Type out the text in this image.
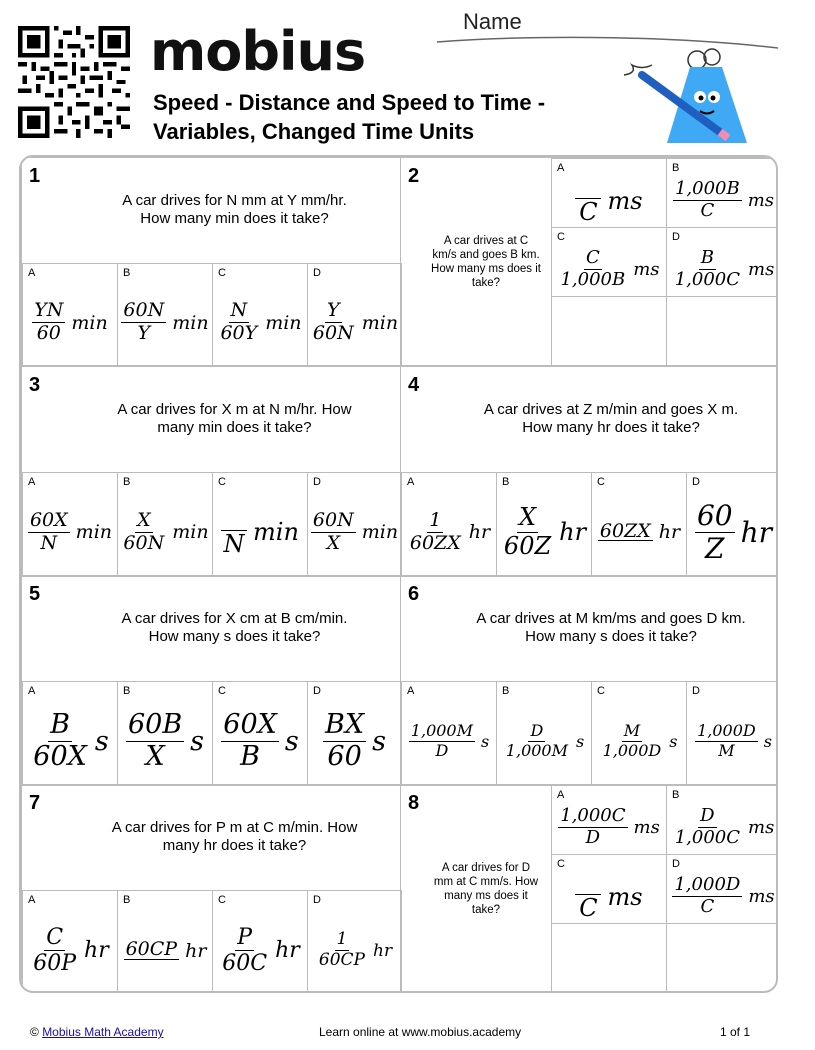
mobius
Speed - Distance and Speed to Time -
Variables, Changed Time Units
Name
1
A car drives for N mm at Y mm/hr. How many min does it take?
A
$\frac{YN}{60}$ min
B
$\frac{60N}{Y}$ min
C
$\frac{N}{60Y}$ min
D
$\frac{Y}{60N}$ min
2
A car drives at C km/s and goes B km. How many ms does it take?
A
C ms
B
$\frac{1,000B}{C}$ ms
C
$\frac{C}{1,000B}$ ms
D
$\frac{B}{1,000C}$ ms
3
A car drives for X m at N m/hr. How many min does it take?
A
$\frac{60X}{N}$ min
B
$\frac{X}{60N}$ min
C
N min
D
$\frac{60N}{X}$ min
4
A car drives at Z m/min and goes X m. How many hr does it take?
A
$\frac{1}{60ZX}$ hr
B
$\frac{X}{60Z}$ hr
C
60ZX hr
D
$\frac{60}{Z}$ hr
5
A car drives for X cm at B cm/min. How many s does it take?
A
$\frac{B}{60X}$ s
B
$\frac{60B}{X}$ s
C
$\frac{60X}{B}$ s
D
$\frac{BX}{60}$ s
6
A car drives at M km/ms and goes D km. How many s does it take?
A
$\frac{1,000M}{D}$ s
B
$\frac{D}{1,000M}$ s
C
$\frac{M}{1,000D}$ s
D
$\frac{1,000D}{M}$ s
7
A car drives for P m at C m/min. How many hr does it take?
A
$\frac{C}{60P}$ hr
B
60CP hr
C
$\frac{P}{60C}$ hr
D
$\frac{1}{60CP}$ hr
8
A car drives for D mm at C mm/s. How many ms does it take?
A
$\frac{1,000C}{D}$ ms
B
$\frac{D}{1,000C}$ ms
C
C ms
D
$\frac{1,000D}{C}$ ms
© Mobius Math Academy	Learn online at www.mobius.academy	1 of 1
